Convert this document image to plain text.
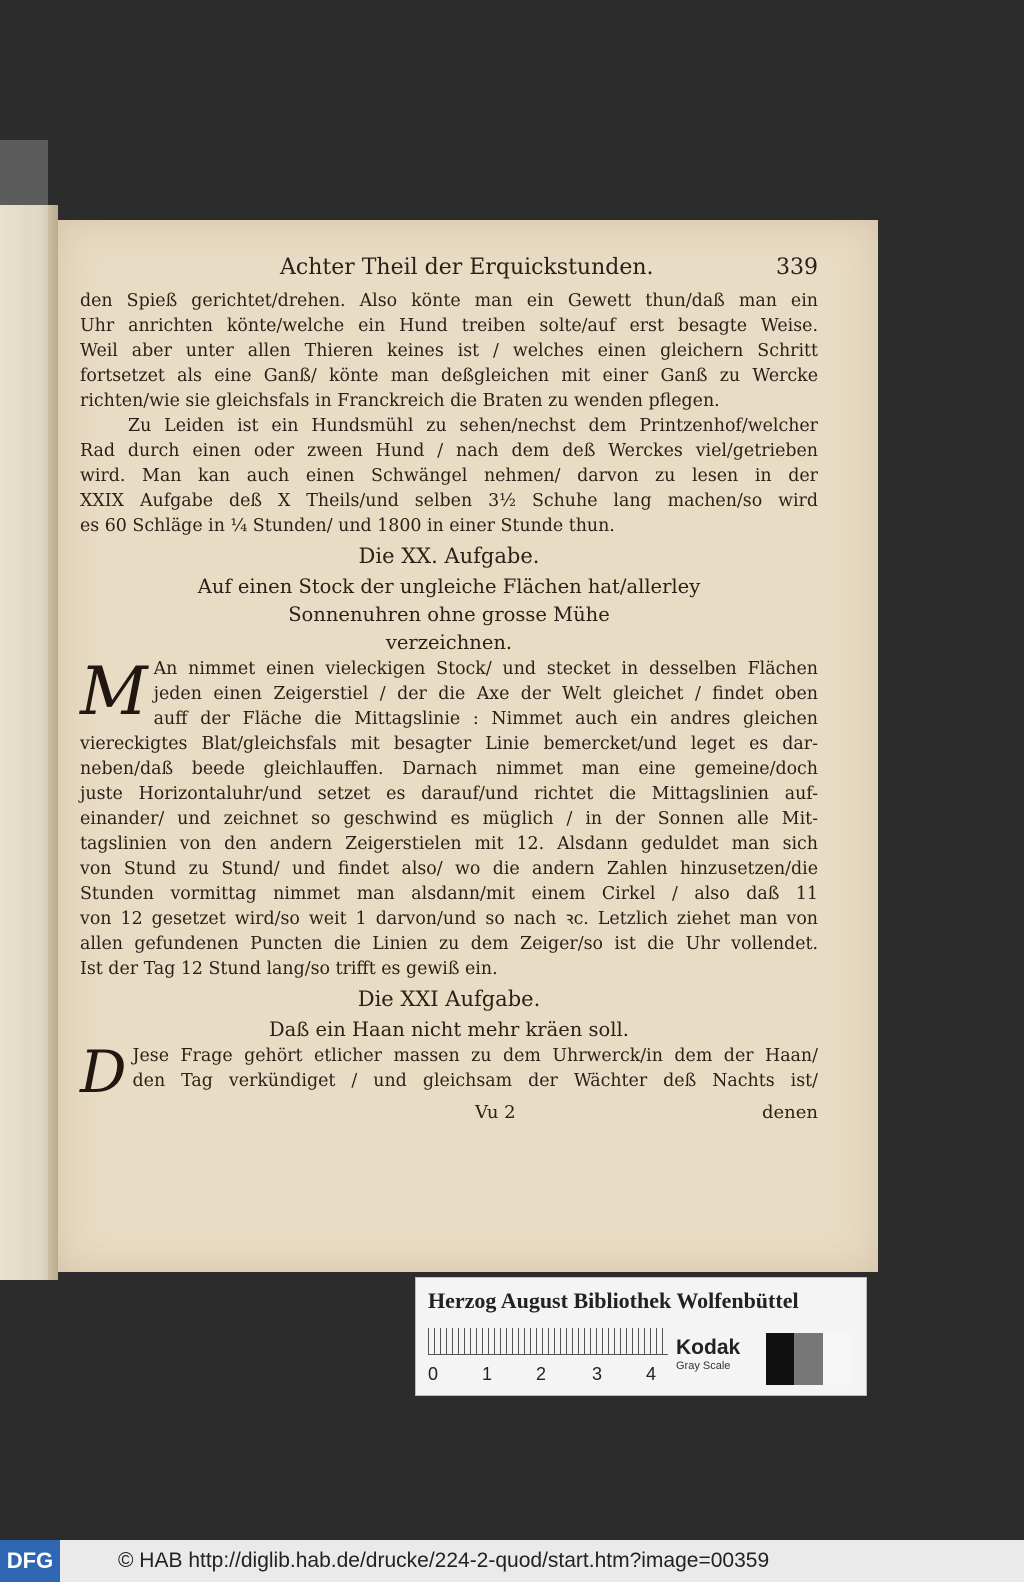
Achter Theil der Erquickstunden.	339
den Spieß gerichtet/drehen. Also könte man ein Gewett thun/daß man ein
Uhr anrichten könte/welche ein Hund treiben solte/auf erst besagte Weise.
Weil aber unter allen Thieren keines ist / welches einen gleichern Schritt
fortsetzet als eine Ganß/ könte man deßgleichen mit einer Ganß zu Wercke
richten/wie sie gleichsfals in Franckreich die Braten zu wenden pflegen.
Zu Leiden ist ein Hundsmühl zu sehen/nechst dem Printzenhof/welcher
Rad durch einen oder zween Hund / nach dem deß Werckes viel/getrieben
wird. Man kan auch einen Schwängel nehmen/ darvon zu lesen in der
XXIX Aufgabe deß X Theils/und selben 3½ Schuhe lang machen/so wird
es 60 Schläge in ¼ Stunden/ und 1800 in einer Stunde thun.
Die XX. Aufgabe.
Auf einen Stock der ungleiche Flächen hat/allerley
Sonnenuhren ohne grosse Mühe
verzeichnen.
M An nimmet einen vieleckigen Stock/ und stecket in desselben Flächen
jeden einen Zeigerstiel / der die Axe der Welt gleichet / findet oben
auff der Fläche die Mittagslinie : Nimmet auch ein andres gleichen
viereckigtes Blat/gleichsfals mit besagter Linie bemercket/und leget es dar-
neben/daß beede gleichlauffen. Darnach nimmet man eine gemeine/doch
juste Horizontaluhr/und setzet es darauf/und richtet die Mittagslinien auf-
einander/ und zeichnet so geschwind es müglich / in der Sonnen alle Mit-
tagslinien von den andern Zeigerstielen mit 12. Alsdann geduldet man sich
von Stund zu Stund/ und findet also/ wo die andern Zahlen hinzusetzen/die
Stunden vormittag nimmet man alsdann/mit einem Cirkel / also daß 11
von 12 gesetzet wird/so weit 1 darvon/und so nach ꝛc. Letzlich ziehet man von
allen gefundenen Puncten die Linien zu dem Zeiger/so ist die Uhr vollendet.
Ist der Tag 12 Stund lang/so trifft es gewiß ein.
Die XXI Aufgabe.
Daß ein Haan nicht mehr kräen soll.
D Jese Frage gehört etlicher massen zu dem Uhrwerck/in dem der Haan/
den Tag verkündiget / und gleichsam der Wächter deß Nachts ist/
Vu 2	denen
Herzog August Bibliothek Wolfenbüttel
0 1 2	3 4
Kodak
Gray Scale
DFG	© HAB http://diglib.hab.de/drucke/224-2-quod/start.htm?image=00359
